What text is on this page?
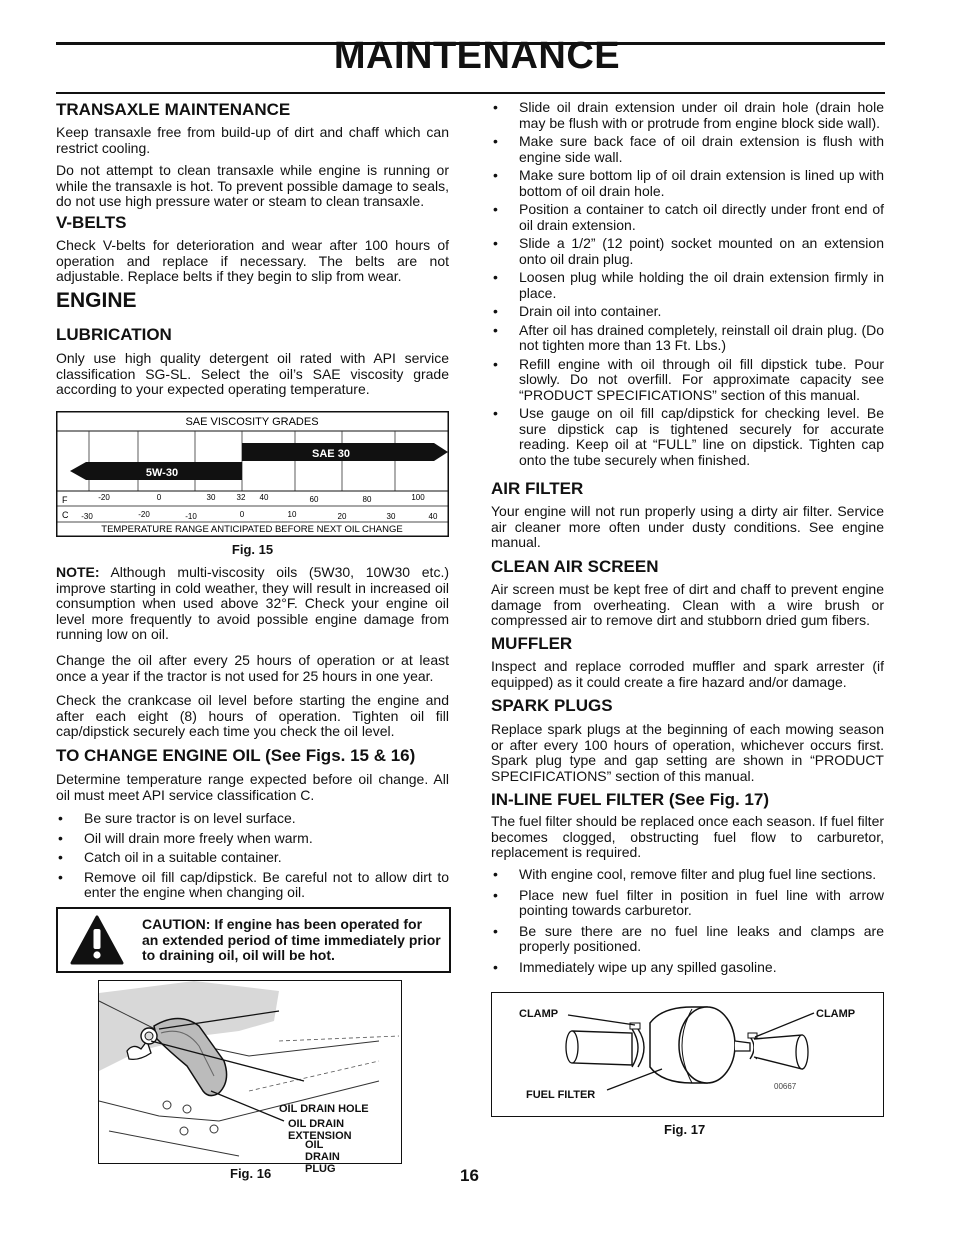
MAINTENANCE
TRANSAXLE MAINTENANCE

Keep transaxle free from build-up of dirt and chaff which can restrict cooling.

Do not attempt to clean transaxle while engine is running or while the transaxle is hot. To prevent possible damage to seals, do not use high pressure water or steam to clean transaxle.

V-BELTS

Check V-belts for deterioration and wear after 100 hours of operation and replace if necessary. The belts are not adjustable. Replace belts if they begin to slip from wear.

ENGINE
LUBRICATION

Only use high quality detergent oil rated with API service classification SG-SL. Select the oil’s SAE viscosity grade according to your expected operating temperature.

SAE VISCOSITY GRADES
SAE 30
5W-30
F	-20	0	30	32 40	60	80	100
C -30	-20	-10	0	10	20	30	40
TEMPERATURE RANGE ANTICIPATED BEFORE NEXT OIL CHANGE
Fig. 15

NOTE: Although multi-viscosity oils (5W30, 10W30 etc.) improve starting in cold weather, they will result in increased oil consumption when used above 32°F. Check your engine oil level more frequently to avoid possible engine damage from running low on oil.

Change the oil after every 25 hours of operation or at least once a year if the tractor is not used for 25 hours in one year.

Check the crankcase oil level before starting the engine and after each eight (8) hours of operation. Tighten oil fill cap/dipstick securely each time you check the oil level.

TO CHANGE ENGINE OIL (See Figs. 15 & 16)

Determine temperature range expected before oil change. All oil must meet API service classification C.

• Be sure tractor is on level surface.
• Oil will drain more freely when warm.
• Catch oil in a suitable container.
• Remove oil fill cap/dipstick. Be careful not to allow dirt to enter the engine when changing oil.
CAUTION: If engine has been operated for an extended period of time immediately prior to draining oil, oil will be hot.
OIL DRAIN HOLE
OIL DRAIN PLUG
OIL DRAIN EXTENSION
Fig. 16
• Slide oil drain extension under oil drain hole (drain hole may be flush with or protrude from engine block side wall).
• Make sure back face of oil drain extension is flush with engine side wall.
• Make sure bottom lip of oil drain extension is lined up with bottom of oil drain hole.
• Position a container to catch oil directly under front end of oil drain extension.
• Slide a 1/2” (12 point) socket mounted on an extension onto oil drain plug.
• Loosen plug while holding the oil drain extension firmly in place.
• Drain oil into container.
• After oil has drained completely, reinstall oil drain plug. (Do not tighten more than 13 Ft. Lbs.)
• Refill engine with oil through oil fill dipstick tube. Pour slowly. Do not overfill. For approximate capacity see “PRODUCT SPECIFICATIONS” section of this manual.
• Use gauge on oil fill cap/dipstick for checking level. Be sure dipstick cap is tightened securely for accurate reading. Keep oil at “FULL” line on dipstick. Tighten cap onto the tube securely when finished.
AIR FILTER

Your engine will not run properly using a dirty air filter. Service air cleaner more often under dusty conditions. See engine manual.

CLEAN AIR SCREEN

Air screen must be kept free of dirt and chaff to prevent engine damage from overheating. Clean with a wire brush or compressed air to remove dirt and stubborn dried gum fibers.

MUFFLER

Inspect and replace corroded muffler and spark arrester (if equipped) as it could create a fire hazard and/or damage.

SPARK PLUGS

Replace spark plugs at the beginning of each mowing season or after every 100 hours of operation, whichever occurs first. Spark plug type and gap setting are shown in “PRODUCT SPECIFICATIONS” section of this manual.

IN-LINE FUEL FILTER (See Fig. 17)

The fuel filter should be replaced once each season. If fuel filter becomes clogged, obstructing fuel flow to carburetor, replacement is required.

• With engine cool, remove filter and plug fuel line sections.
• Place new fuel filter in position in fuel line with arrow pointing towards carburetor.
• Be sure there are no fuel line leaks and clamps are properly positioned.
• Immediately wipe up any spilled gasoline.
00667
CLAMP	CLAMP
FUEL FILTER
Fig. 17
16
